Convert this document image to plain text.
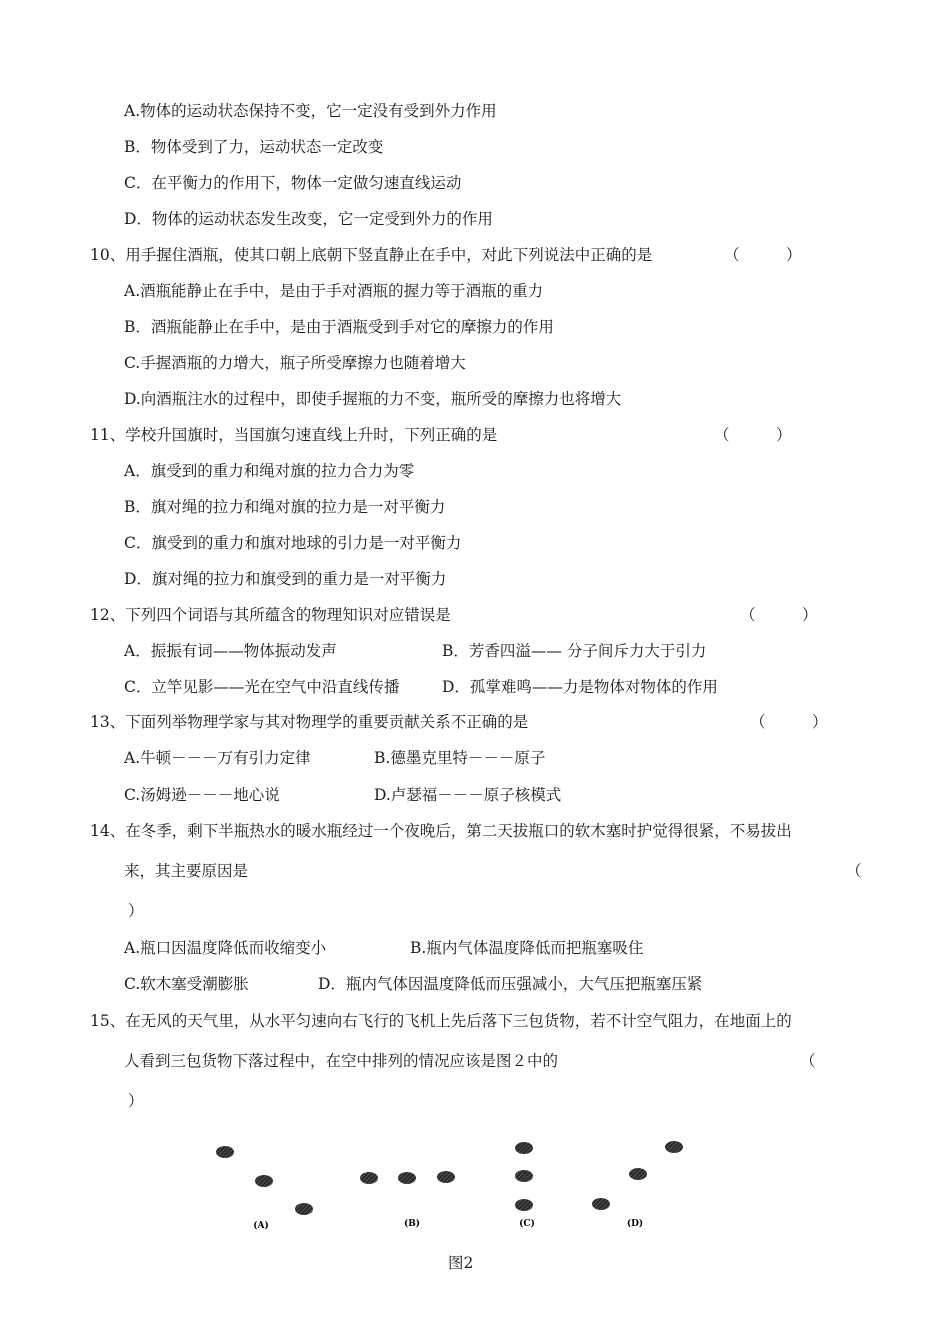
A.物体的运动状态保持不变，它一定没有受到外力作用
B．物体受到了力，运动状态一定改变
C．在平衡力的作用下，物体一定做匀速直线运动
D．物体的运动状态发生改变，它一定受到外力的作用
10、用手握住酒瓶，使其口朝上底朝下竖直静止在手中，对此下列说法中正确的是	（　　　）
A.酒瓶能静止在手中，是由于手对酒瓶的握力等于酒瓶的重力
B．酒瓶能静止在手中，是由于酒瓶受到手对它的摩擦力的作用
C.手握酒瓶的力增大，瓶子所受摩擦力也随着增大
D.向酒瓶注水的过程中，即使手握瓶的力不变，瓶所受的摩擦力也将增大
11、学校升国旗时，当国旗匀速直线上升时，下列正确的是	（　　　）
A．旗受到的重力和绳对旗的拉力合力为零
B．旗对绳的拉力和绳对旗的拉力是一对平衡力
C．旗受到的重力和旗对地球的引力是一对平衡力
D．旗对绳的拉力和旗受到的重力是一对平衡力
12、下列四个词语与其所蕴含的物理知识对应错误是	（　　　）
A．振振有词——物体振动发声	B．芳香四溢—— 分子间斥力大于引力
C．立竿见影——光在空气中沿直线传播	D．孤掌难鸣——力是物体对物体的作用
13、下面列举物理学家与其对物理学的重要贡献关系不正确的是	（　　　）
A.牛顿－－－万有引力定律	B.德墨克里特－－－原子
C.汤姆逊－－－地心说	D.卢瑟福－－－原子核模式
14、在冬季，剩下半瓶热水的暖水瓶经过一个夜晚后，第二天拔瓶口的软木塞时护觉得很紧，不易拔出
来，其主要原因是	（
）
A.瓶口因温度降低而收缩变小	B.瓶内气体温度降低而把瓶塞吸住
C.软木塞受潮膨胀	D．瓶内气体因温度降低而压强减小，大气压把瓶塞压紧
15、在无风的天气里，从水平匀速向右飞行的飞机上先后落下三包货物，若不计空气阻力，在地面上的
人看到三包货物下落过程中，在空中排列的情况应该是图２中的	（
）
(A)	(B)	(C)	(D)
图2
